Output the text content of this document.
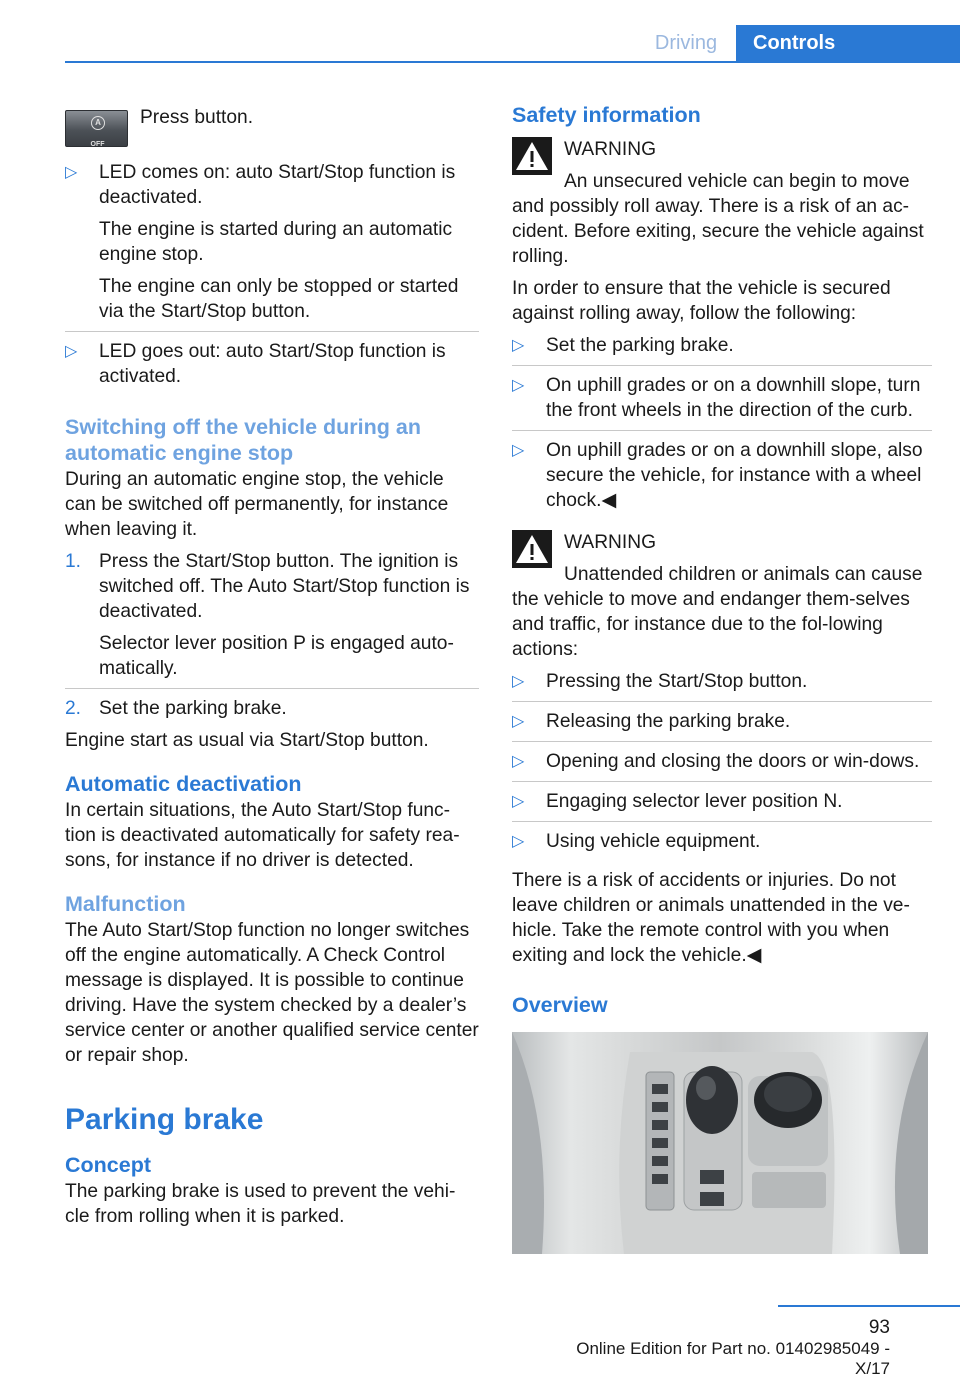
Driving	Controls
A
OFF
Press button.
▷ LED comes on: auto Start/Stop function is deactivated.
The engine is started during an automatic engine stop.
The engine can only be stopped or started via the Start/Stop button.
▷ LED goes out: auto Start/Stop function is activated.
Switching off the vehicle during an automatic engine stop

During an automatic engine stop, the vehicle can be switched off permanently, for instance when leaving it.

1. Press the Start/Stop button. The ignition is switched off. The Auto Start/Stop function is deactivated.
Selector lever position P is engaged auto‐matically.
2. Set the parking brake.

Engine start as usual via Start/Stop button.

Automatic deactivation

In certain situations, the Auto Start/Stop func‐tion is deactivated automatically for safety rea‐sons, for instance if no driver is detected.

Malfunction

The Auto Start/Stop function no longer switches off the engine automatically. A Check Control message is displayed. It is possible to continue driving. Have the system checked by a dealer’s service center or another qualified service center or repair shop.

Parking brake
Concept

The parking brake is used to prevent the vehi‐cle from rolling when it is parked.

Safety information
WARNING
An unsecured vehicle can begin to move and possibly roll away. There is a risk of an ac‐cident. Before exiting, secure the vehicle against rolling.

In order to ensure that the vehicle is secured against rolling away, follow the following:

▷ Set the parking brake.
▷ On uphill grades or on a downhill slope, turn the front wheels in the direction of the curb.
▷ On uphill grades or on a downhill slope, also secure the vehicle, for instance with a wheel chock.◀
WARNING
Unattended children or animals can cause the vehicle to move and endanger them‐selves and traffic, for instance due to the fol‐lowing actions:
▷ Pressing the Start/Stop button.
▷ Releasing the parking brake.
▷ Opening and closing the doors or win‐dows.
▷ Engaging selector lever position N.
▷ Using vehicle equipment.

There is a risk of accidents or injuries. Do not leave children or animals unattended in the ve‐hicle. Take the remote control with you when exiting and lock the vehicle.◀

Overview
93
Online Edition for Part no. 01402985049 - X/17
